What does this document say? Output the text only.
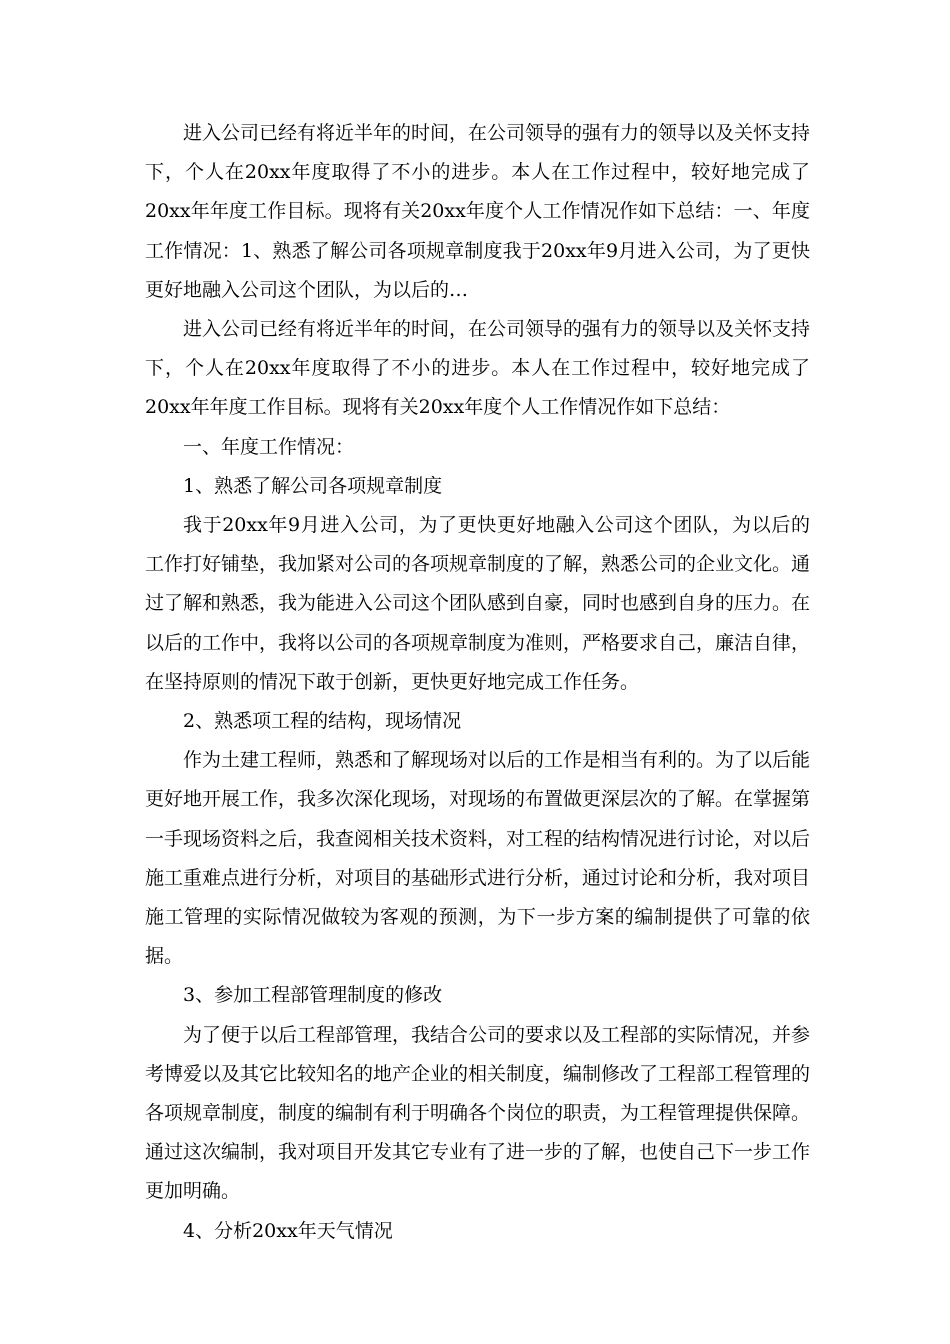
进入公司已经有将近半年的时间，在公司领导的强有力的领导以及关怀支持下，个人在20xx年度取得了不小的进步。本人在工作过程中，较好地完成了20xx年年度工作目标。现将有关20xx年度个人工作情况作如下总结：一、年度工作情况：1、熟悉了解公司各项规章制度我于20xx年9月进入公司，为了更快更好地融入公司这个团队，为以后的…

进入公司已经有将近半年的时间，在公司领导的强有力的领导以及关怀支持下，个人在20xx年度取得了不小的进步。本人在工作过程中，较好地完成了20xx年年度工作目标。现将有关20xx年度个人工作情况作如下总结：

一、年度工作情况：

1、熟悉了解公司各项规章制度

我于20xx年9月进入公司，为了更快更好地融入公司这个团队，为以后的工作打好铺垫，我加紧对公司的各项规章制度的了解，熟悉公司的企业文化。通过了解和熟悉，我为能进入公司这个团队感到自豪，同时也感到自身的压力。在以后的工作中，我将以公司的各项规章制度为准则，严格要求自己，廉洁自律，在坚持原则的情况下敢于创新，更快更好地完成工作任务。

2、熟悉项工程的结构，现场情况

作为土建工程师，熟悉和了解现场对以后的工作是相当有利的。为了以后能更好地开展工作，我多次深化现场，对现场的布置做更深层次的了解。在掌握第一手现场资料之后，我查阅相关技术资料，对工程的结构情况进行讨论，对以后施工重难点进行分析，对项目的基础形式进行分析，通过讨论和分析，我对项目施工管理的实际情况做较为客观的预测，为下一步方案的编制提供了可靠的依据。

3、参加工程部管理制度的修改

为了便于以后工程部管理，我结合公司的要求以及工程部的实际情况，并参考博爱以及其它比较知名的地产企业的相关制度，编制修改了工程部工程管理的各项规章制度，制度的编制有利于明确各个岗位的职责，为工程管理提供保障。通过这次编制，我对项目开发其它专业有了进一步的了解，也使自己下一步工作更加明确。

4、分析20xx年天气情况
